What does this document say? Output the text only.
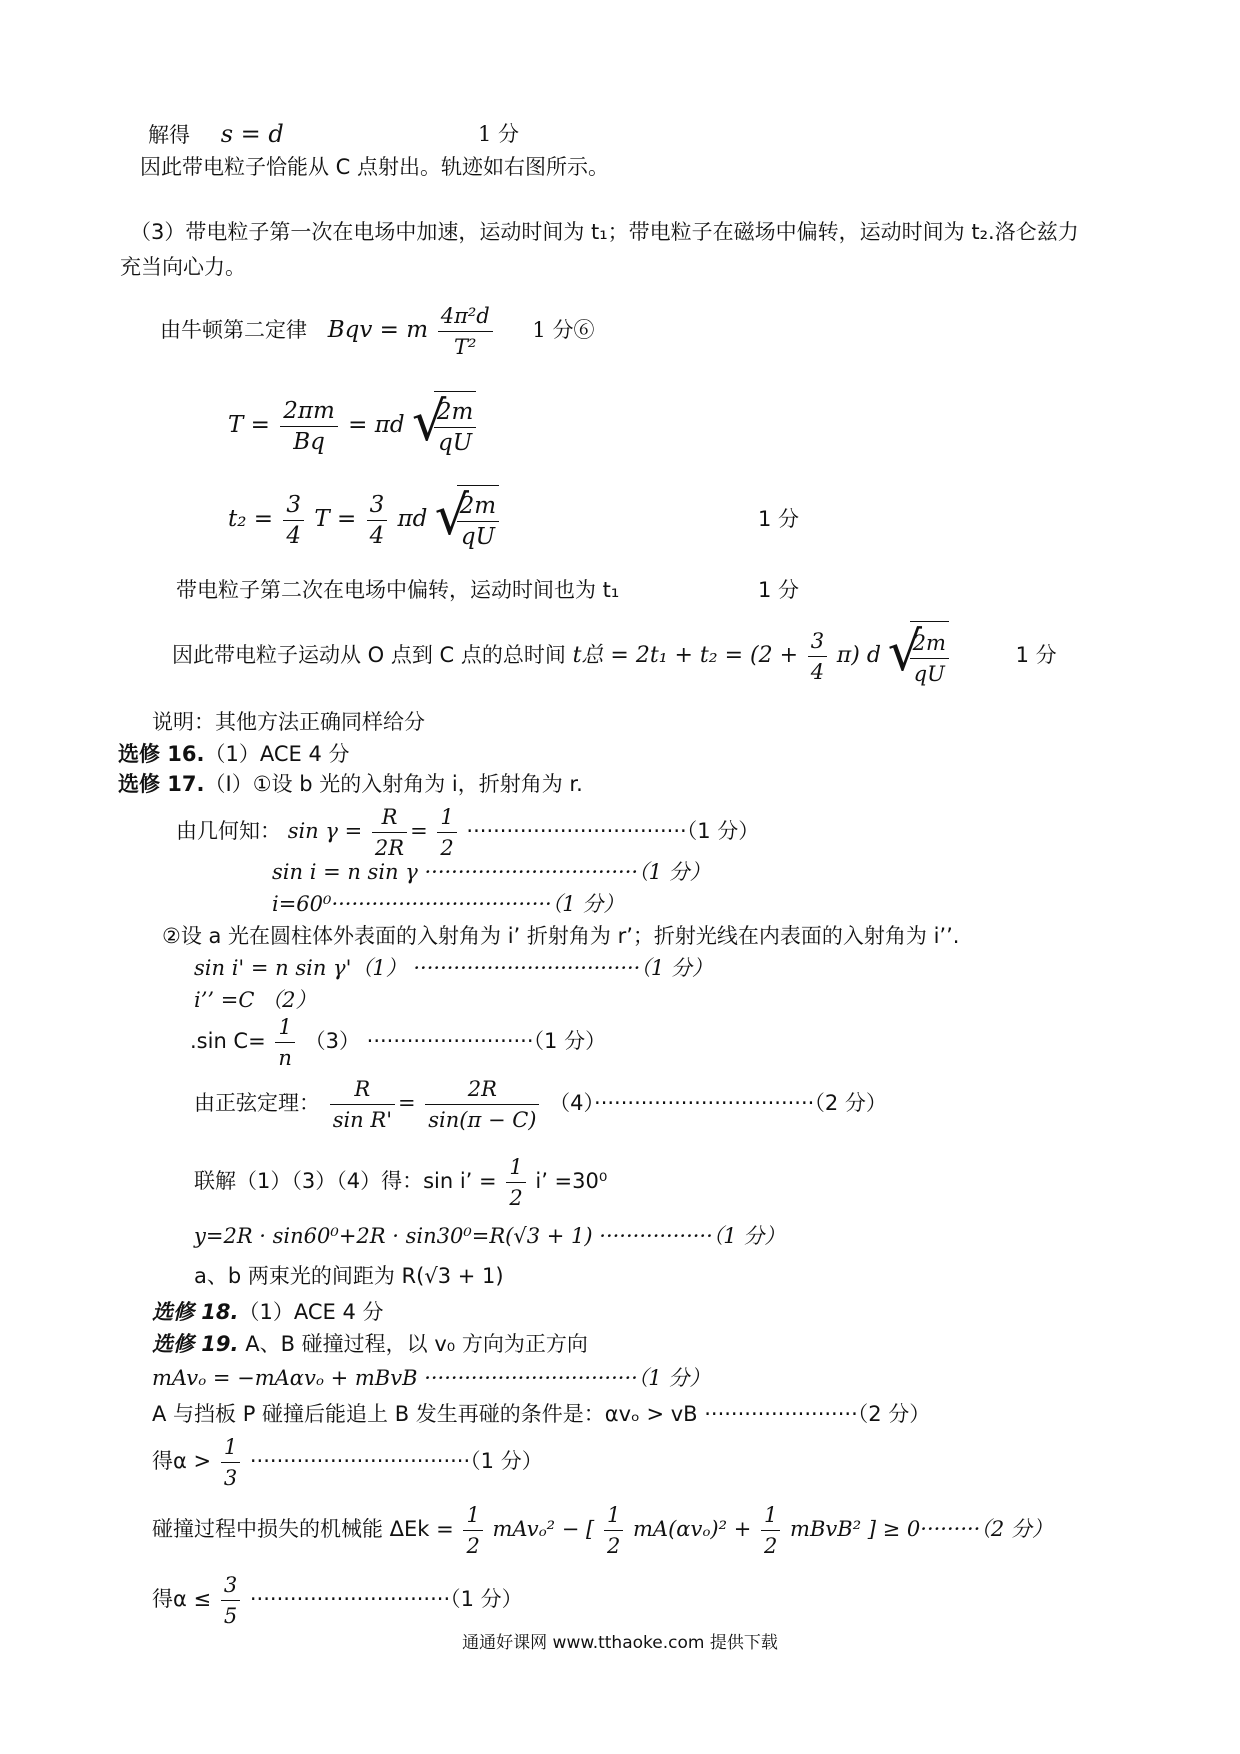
解得 s = d	1 分
因此带电粒子恰能从 C 点射出。轨迹如右图所示。
（3）带电粒子第一次在电场中加速，运动时间为 t₁；带电粒子在磁场中偏转，运动时间为 t₂.洛仑兹力
充当向心力。
由牛顿第二定律 Bqv = m $\frac{\text{4π²d}}{\text{T²}} 1$ 分⑥
$T = \frac{2\pi m}{Bq} = \pi d$ √
$\frac{2m}{qU}$
$t_2 = \frac{3}{4}$ $T = \frac{3}{4}$ πd √
$\frac{2m}{qU}$	1 分
带电粒子第二次在电场中偏转，运动时间也为 t₁	1 分
因此带电粒子运动从 O 点到 C 点的总时间 t总 = $2t_1 + t_2 = (2 + \frac{3}{4} \pi)$ d √
$\frac{2m}{qU}$	1 分
说明：其他方法正确同样给分
选修 16.（1）ACE 4 分
选修 17.（Ⅰ）①设 b 光的入射角为 i，折射角为 r.
由几何知： $\sin \gamma = \frac{R}{2R} = \frac{1}{2} \cdot\cdot\cdot\cdot\cdot\cdot\cdot\cdot\cdot\cdot\cdot\cdot\cdot\cdot\cdot\cdot\cdot\cdot\cdot\cdot\cdot\cdot\cdot\cdot\cdot\cdot\cdot\cdot\cdot\cdot\cdot\cdot\cdot(1$ 分）
sin i = n sin γ ································（1 分）
i=60⁰·································（1 分）
②设 a 光在圆柱体外表面的入射角为 i’ 折射角为 r’；折射光线在内表面的入射角为 i’’.
sin i' = n sin γ'（1） ··································（1 分）
i’’ =C （2）
.sin $C= \frac{1}{n} (3) \cdot\cdot\cdot\cdot\cdot\cdot\cdot\cdot\cdot\cdot\cdot\cdot\cdot\cdot\cdot\cdot\cdot\cdot\cdot\cdot\cdot\cdot\cdot\cdot\cdot(1$ 分）
由正弦定理： $\frac{R}{\text{sin R'}} = \frac{2R}{\sin(\pi - C)} (4)\cdot\cdot\cdot\cdot\cdot\cdot\cdot\cdot\cdot\cdot\cdot\cdot\cdot\cdot\cdot\cdot\cdot\cdot\cdot\cdot\cdot\cdot\cdot\cdot\cdot\cdot\cdot\cdot\cdot\cdot\cdot\cdot\cdot(2$ 分）
联解（1）（3）（4）得：sin i’ = $\frac{1}{2} i$’ =30⁰
y=2R · sin60⁰+2R · sin30⁰=R(√3 + 1) ·················（1 分）
a、b 两束光的间距为 R(√3 + 1)
选修 18.（1）ACE 4 分
选修 19. A、B 碰撞过程，以 v₀ 方向为正方向
mAvₒ = −mAαvₒ + mBvB ································（1 分）
A 与挡板 P 碰撞后能追上 B 发生再碰的条件是：αvₒ > vB ·······················（2 分）
得$\alpha > \frac{1}{3} \cdot\cdot\cdot\cdot\cdot\cdot\cdot\cdot\cdot\cdot\cdot\cdot\cdot\cdot\cdot\cdot\cdot\cdot\cdot\cdot\cdot\cdot\cdot\cdot\cdot\cdot\cdot\cdot\cdot\cdot\cdot\cdot\cdot(1$ 分）
碰撞过程中损失的机械能 $\Delta Ek = \frac{1}{2} mAv_o^2$ − [ $\frac{1}{2} mA(\alpha v_o)^2 + \frac{1}{2}$ mBvB² ] ≥ 0·········（2 分）
得$\alpha \le \frac{3}{5} \cdot\cdot\cdot\cdot\cdot\cdot\cdot\cdot\cdot\cdot\cdot\cdot\cdot\cdot\cdot\cdot\cdot\cdot\cdot\cdot\cdot\cdot\cdot\cdot\cdot\cdot\cdot\cdot\cdot\cdot(1$ 分）
通通好课网 www.tthaoke.com 提供下载
